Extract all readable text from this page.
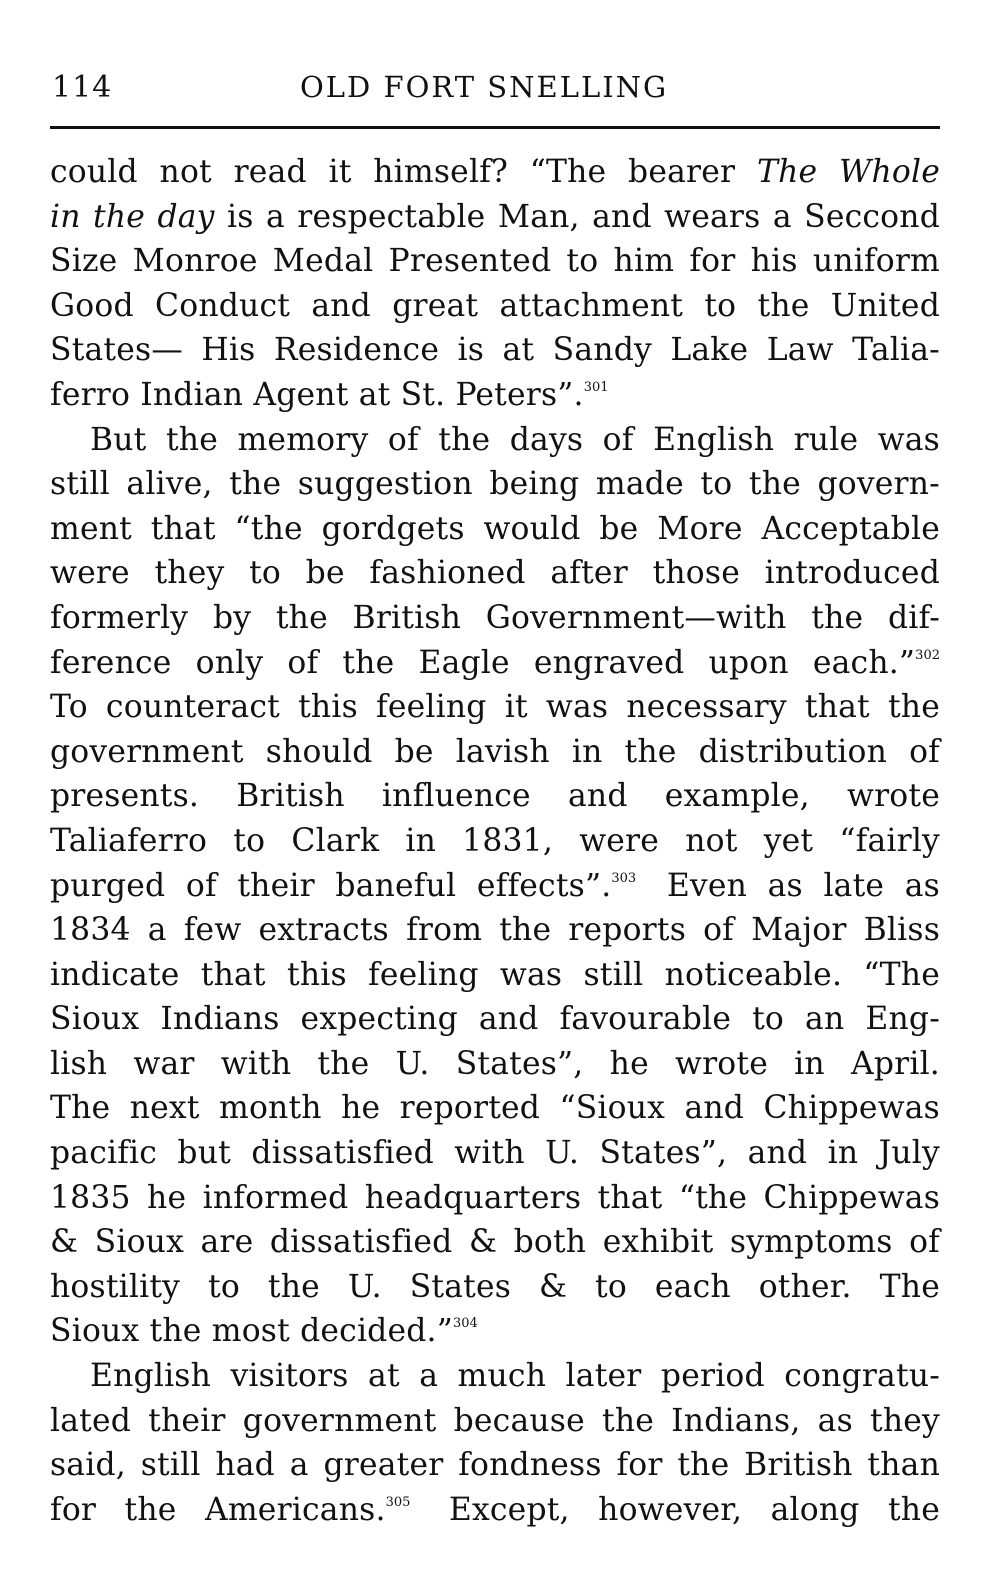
114	OLD FORT SNELLING
could not read it himself? “The bearer The Whole
in the day is a respectable Man, and wears a Seccond
Size Monroe Medal Presented to him for his uniform
Good Conduct and great attachment to the United
States— His Residence is at Sandy Lake Law Talia-
ferro Indian Agent at St. Peters”.$^{301}$
But the memory of the days of English rule was
still alive, the suggestion being made to the govern-
ment that “the gordgets would be More Acceptable
were they to be fashioned after those introduced
formerly by the British Government—with the dif-
ference only of the Eagle engraved upon each.”$^{302}$
To counteract this feeling it was necessary that the
government should be lavish in the distribution of
presents. British influence and example, wrote
Taliaferro to Clark in 1831, were not yet “fairly
purged of their baneful effects”.$^{303}$ Even as late as
1834 a few extracts from the reports of Major Bliss
indicate that this feeling was still noticeable. “The
Sioux Indians expecting and favourable to an Eng-
lish war with the U. States”, he wrote in April.
The next month he reported “Sioux and Chippewas
pacific but dissatisfied with U. States”, and in July
1835 he informed headquarters that “the Chippewas
& Sioux are dissatisfied & both exhibit symptoms of
hostility to the U. States & to each other. The
Sioux the most decided.”$^{304}$
English visitors at a much later period congratu-
lated their government because the Indians, as they
said, still had a greater fondness for the British than
for the Americans.$^{305}$ Except, however, along the
